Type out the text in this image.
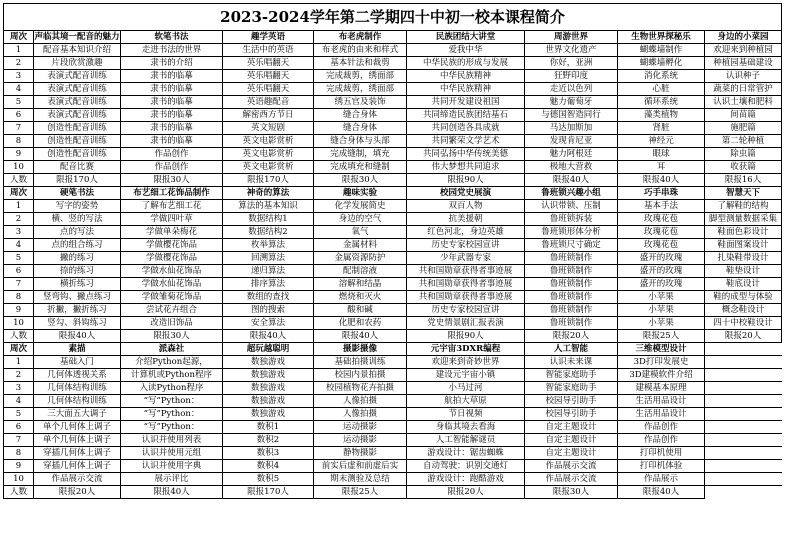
2023-2024学年第二学期四十中初一校本课程简介								
周次	声临其境一配音的魅力	软笔书法	趣学英语	布老虎制作	民族团结大讲堂	周游世界	生物世界探秘乐	身边的小菜园
1	配音基本知识介绍	走进书法的世界	生活中的英语	布老虎的由来和样式	爱我中华	世界文化遗产	蝴蝶墙制作	欢迎来到种植园
2	片段欣赏激趣	隶书的介绍	英乐唱翻天	基本针法和裁剪	中华民族的形成与发展	你好，亚洲	蝴蝶墙孵化	种植园基础建设
3	表演式配音训练	隶书的临摹	英乐唱翻天	完成裁剪，绣面部	中华民族精神	狂野印度	消化系统	认识种子
4	表演式配音训练	隶书的临摹	英乐唱翻天	完成裁剪，绣面部	中华民族精神	走近以色列	心脏	蔬菜的日常管护
5	表演式配音训练	隶书的临摹	英语趣配音	绣五官及装饰	共同开发建设祖国	魅力葡萄牙	循环系统	认识土壤和肥料
6	表演式配音训练	隶书的临摹	解密西方节日	缝合身体	共同缔造民族团结基石	与德国智造同行	藻类植物	间苗篇
7	创造性配音训练	隶书的临摹	英文短剧	缝合身体	共同创造各具成就	马达加斯加	肾脏	施肥篇
8	创造性配音训练	隶书的临摹	英文电影赏析	缝合身体与头部	共同繁荣文学艺术	发现肯尼亚	神经元	第二轮种植
9	创造性配音训练	作品创作	英文电影赏析	完成缝制，填充	共同弘扬中华传统美德	魅力阿根廷	眼球	除虫篇
10	配音比赛	作品创作	英文电影赏析	完成填充和缝制	伟大梦想共同追求	极地大营救	耳	收获篇
人数	限报170人	限报30人	限报170人	限报30人	限报90人	限报40人	限报40人	限报16人
周次	硬笔书法	布艺细工花饰品制作	神奇的算法	趣味实验	校园党史展演	鲁班锁兴趣小组	巧手串珠	智慧天下
1	写字的姿势	了解布艺细工花	算法的基本知识	化学发展简史	双百人物	认识带锁、压制	基本手法	了解鞋的结构
2	横、竖的写法	学做四叶草	数据结构1	身边的空气	抗美援朝	鲁班锁拆装	玫瑰花苞	脚型测量数据采集
3	点的写法	学做单朵梅花	数据结构2	氧气	红色河北，身边英雄	鲁班锁形体分析	玫瑰花苞	鞋面色彩设计
4	点的组合练习	学做樱花饰品	枚举算法	金属材料	历史专家校园宣讲	鲁班锁尺寸确定	玫瑰花苞	鞋面图案设计
5	撇的练习	学做樱花饰品	回溯算法	金属资源防护	少年武器专家	鲁班锁制作	盛开的玫瑰	扎染鞋带设计
6	捺的练习	学做水仙花饰品	递归算法	配制溶液	共和国勋章获得者事迹展	鲁班锁制作	盛开的玫瑰	鞋垫设计
7	横折练习	学做水仙花饰品	排序算法	溶解和结晶	共和国勋章获得者事迹展	鲁班锁制作	盛开的玫瑰	鞋底设计
8	竖弯钩、撇点练习	学做雏菊花饰品	数组的查找	燃烧和灭火	共和国勋章获得者事迹展	鲁班锁制作	小苹果	鞋的成型与体验
9	折撇，撇折练习	尝试花卉组合	图的搜索	酸和碱	历史专家校园宣讲	鲁班锁制作	小苹果	概念鞋设计
10	竖勾、斜钩练习	改造旧饰品	安全算法	化肥和农药	党史情景剧汇报表演	鲁班锁制作	小苹果	四十中校鞋设计
人数	限报40人	限报30人	限报40人	限报40人	限报90人	限报20人	限报25人	限报20人
周次	素描	派森社	超玩越聪明	摄影摄像	元宇宙3DXR编程	人工智能	三维模型设计	
1	基础入门	介绍Python起源，	数独游戏	基础拍摄训练	欢迎来到奇妙世界	认识未来课	3D打印发展史	
2	几何体透视关系	计算机或Python程序	数独游戏	校园内景拍摄	建设元宇宙小镇	智能家庭助手	3D建模软件介绍	
3	几何体结构训练	入读Python程序	数独游戏	校园植物花卉拍摄	小马过河	智能家庭助手	建模基本原理	
4	几何体结构训练	“写”Python：	数独游戏	人像拍摄	航拍大草原	校园导引助手	生活用品设计	
5	三大面五大调子	“写”Python：	数独游戏	人像拍摄	节日视频	校园导引助手	生活用品设计	
6	单个几何体上调子	“写”Python：	数积1	运动摄影	身临其境去看海	自定主题设计	作品创作	
7	单个几何体上调子	认识并使用列表	数积2	运动摄影	人工智能解谜员	自定主题设计	作品创作	
8	穿插几何体上调子	认识并使用元组	数积3	静物摄影	游戏设计：锯齿蜘蛛	自定主题设计	打印机使用	
9	穿插几何体上调子	认识并使用字典	数积4	前实后虚和前虚后实	自动驾驶：识别交通灯	作品展示交流	打印机体验	
10	作品展示交流	展示评比	数积5	期末测验及总结	游戏设计：跑酷游戏	作品展示交流	作品展示	
人数	限报20人	限报40人	限报170人	限报25人	限报20人	限报30人	限报40人	
